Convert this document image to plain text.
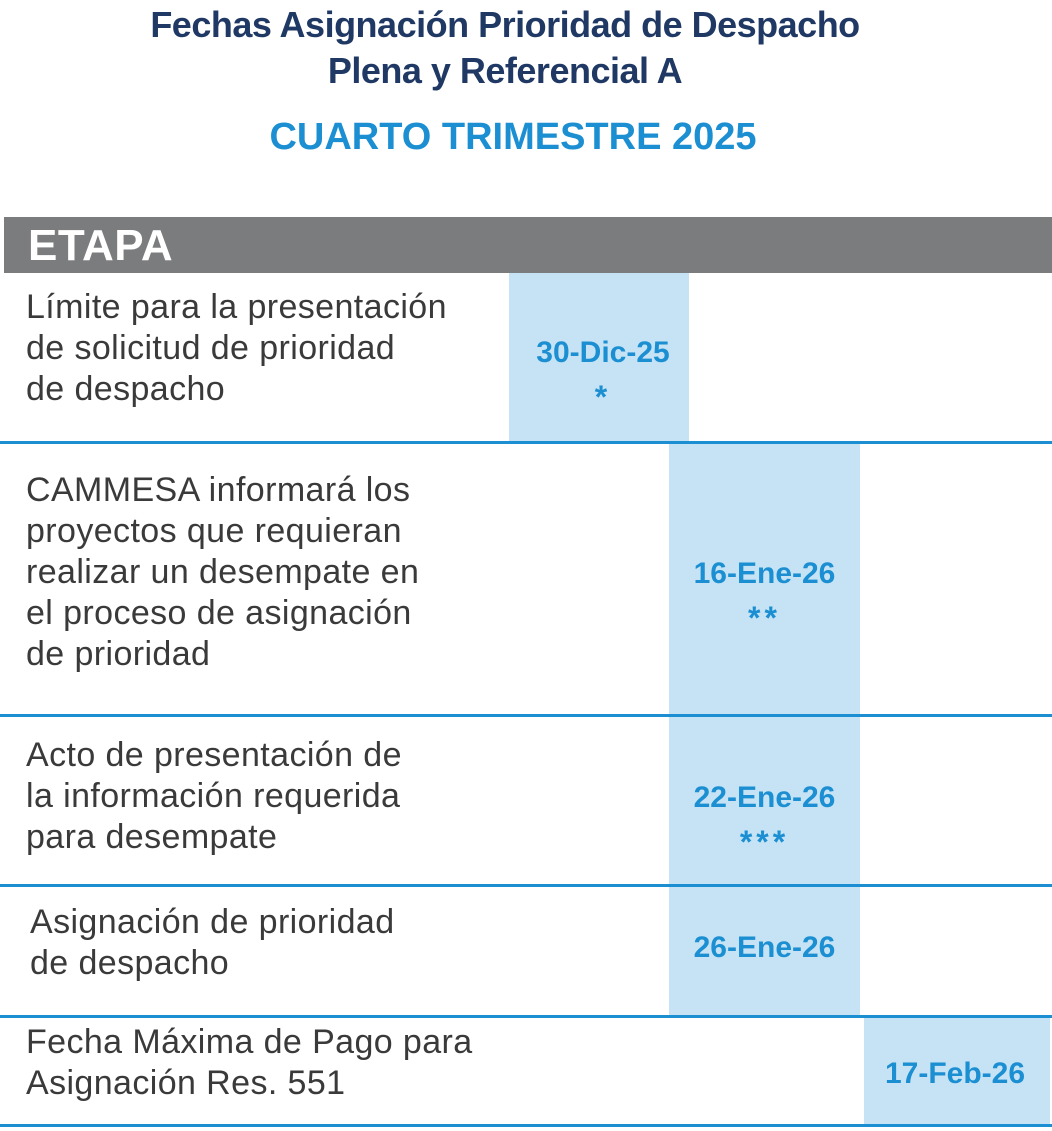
Fechas Asignación Prioridad de Despacho
Plena y Referencial A
CUARTO TRIMESTRE 2025
ETAPA
Límite para la presentación
de solicitud de prioridad
de despacho
30-Dic-25
*
CAMMESA informará los
proyectos que requieran
realizar un desempate en
el proceso de asignación
de prioridad
16-Ene-26
**
Acto de presentación de
la información requerida
para desempate
22-Ene-26
***
Asignación de prioridad
de despacho	26-Ene-26
Fecha Máxima de Pago para
Asignación Res. 551	17-Feb-26
